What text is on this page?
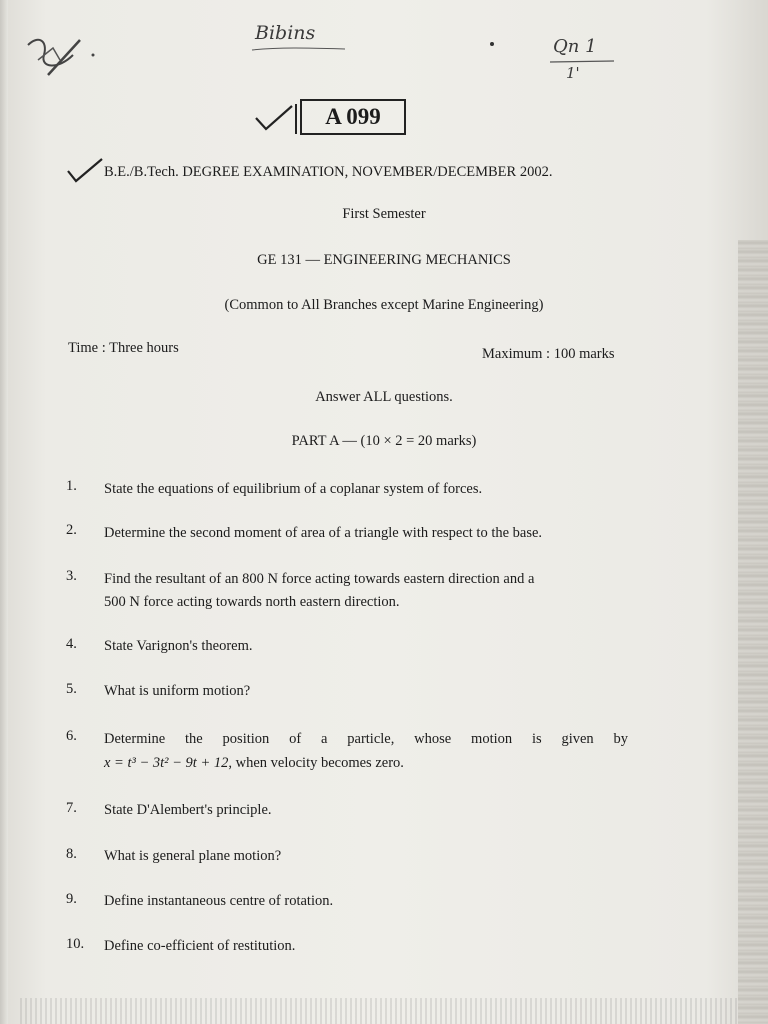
Bibins
Qn 1
1'
A 099
B.E./B.Tech. DEGREE EXAMINATION, NOVEMBER/DECEMBER 2002.
First Semester
GE 131 — ENGINEERING MECHANICS
(Common to All Branches except Marine Engineering)
Time : Three hours	Maximum : 100 marks
Answer ALL questions.
PART A — (10 × 2 = 20 marks)
1. State the equations of equilibrium of a coplanar system of forces.
2. Determine the second moment of area of a triangle with respect to the base.
3. Find the resultant of an 800 N force acting towards eastern direction and a
500 N force acting towards north eastern direction.
4. State Varignon's theorem.
5. What is uniform motion?
6. Determine the position of a particle, whose motion is given by
x = t³ − 3t² − 9t + 12, when velocity becomes zero.
7. State D'Alembert's principle.
8. What is general plane motion?
9. Define instantaneous centre of rotation.
10. Define co-efficient of restitution.
